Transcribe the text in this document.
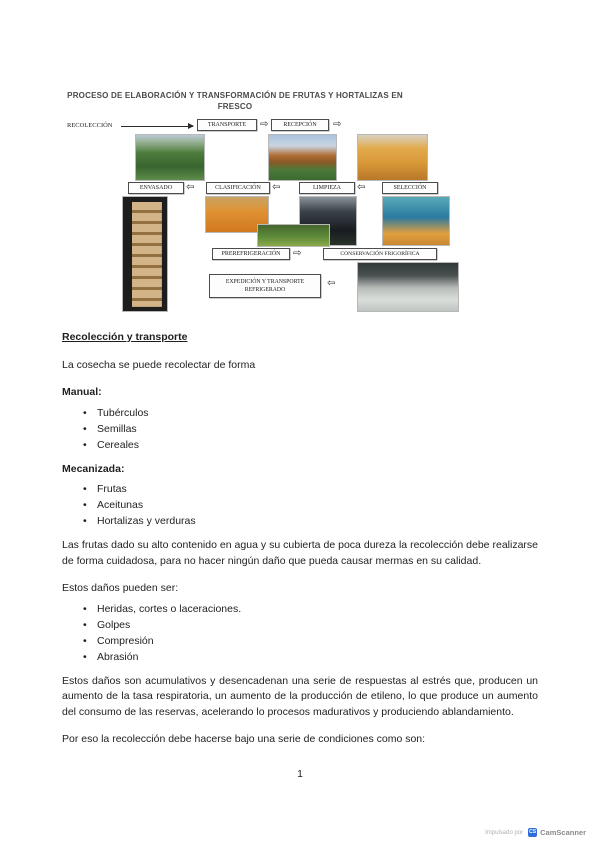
PROCESO DE ELABORACIÓN Y TRANSFORMACIÓN DE FRUTAS Y HORTALIZAS EN
FRESCO
RECOLECCIÓN	TRANSPORTE	⇨	RECEPCIÓN	⇨
ENVASADO	⇦	CLASIFICACIÓN	⇦	LIMPIEZA	⇦	SELECCIÓN
PREREFRIGERACIÓN	⇨	CONSERVACIÓN FRIGORÍFICA
EXPEDICIÓN Y TRANSPORTE
REFRIGERADO
⇦

Recolección y transporte

La cosecha se puede recolectar de forma

Manual:

• Tubérculos
• Semillas
• Cereales

Mecanizada:

• Frutas
• Aceitunas
• Hortalizas y verduras

Las frutas dado su alto contenido en agua y su cubierta de poca dureza la recolección debe realizarse de forma cuidadosa, para no hacer ningún daño que pueda causar mermas en su calidad.

Estos daños pueden ser:

• Heridas, cortes o laceraciones.
• Golpes
• Compresión
• Abrasión

Estos daños son acumulativos y desencadenan una serie de respuestas al estrés que, producen un aumento de la tasa respiratoria, un aumento de la producción de etileno, lo que produce un aumento del consumo de las reservas, acelerando lo procesos madurativos y produciendo ablandamiento.

Por eso la recolección debe hacerse bajo una serie de condiciones como son:

1
Impulsado por CS CamScanner
